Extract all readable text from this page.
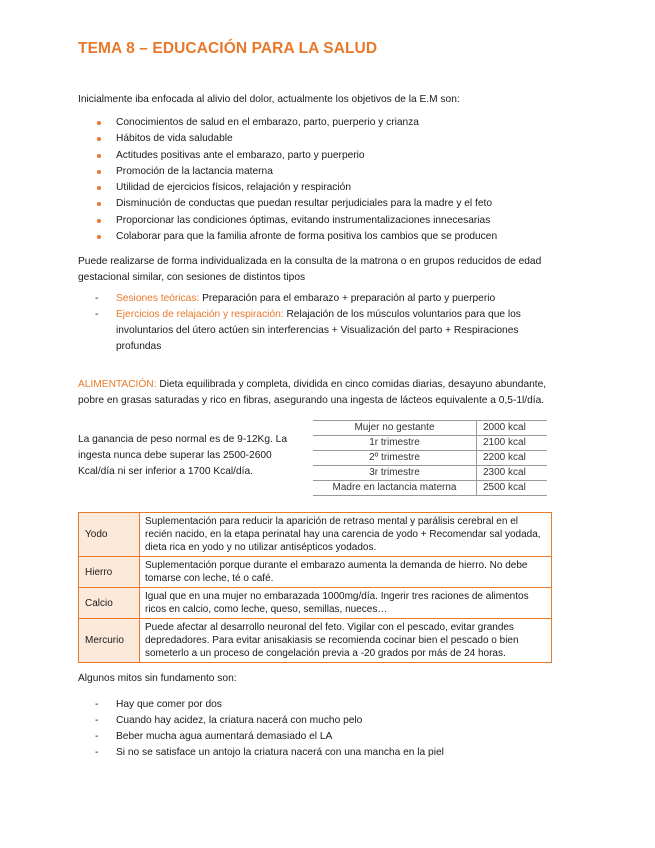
TEMA 8 – EDUCACIÓN PARA LA SALUD
Inicialmente iba enfocada al alivio del dolor, actualmente los objetivos de la E.M son:
Conocimientos de salud en el embarazo, parto, puerperio y crianza
Hábitos de vida saludable
Actitudes positivas ante el embarazo, parto y puerperio
Promoción de la lactancia materna
Utilidad de ejercicios físicos, relajación y respiración
Disminución de conductas que puedan resultar perjudiciales para la madre y el feto
Proporcionar las condiciones óptimas, evitando instrumentalizaciones innecesarias
Colaborar para que la familia afronte de forma positiva los cambios que se producen
Puede realizarse de forma individualizada en la consulta de la matrona o en grupos reducidos de edad gestacional similar, con sesiones de distintos tipos
- Sesiones teóricas: Preparación para el embarazo + preparación al parto y puerperio
- Ejercicios de relajación y respiración: Relajación de los músculos voluntarios para que los involuntarios del útero actúen sin interferencias + Visualización del parto + Respiraciones profundas
ALIMENTACIÓN: Dieta equilibrada y completa, dividida en cinco comidas diarias, desayuno abundante, pobre en grasas saturadas y rico en fibras, asegurando una ingesta de lácteos equivalente a 0,5-1l/día.
La ganancia de peso normal es de 9-12Kg. La ingesta nunca debe superar las 2500-2600 Kcal/día ni ser inferior a 1700 Kcal/día.
Mujer no gestante	2000 kcal
1r trimestre	2100 kcal
2º trimestre	2200 kcal
3r trimestre	2300 kcal
Madre en lactancia materna	2500 kcal
Yodo	Suplementación para reducir la aparición de retraso mental y parálisis cerebral en el recién nacido, en la etapa perinatal hay una carencia de yodo + Recomendar sal yodada, dieta rica en yodo y no utilizar antisépticos yodados.
Hierro	Suplementación porque durante el embarazo aumenta la demanda de hierro. No debe tomarse con leche, té o café.
Calcio	Igual que en una mujer no embarazada 1000mg/día. Ingerir tres raciones de alimentos ricos en calcio, como leche, queso, semillas, nueces…
Mercurio	Puede afectar al desarrollo neuronal del feto. Vigilar con el pescado, evitar grandes depredadores. Para evitar anisakiasis se recomienda cocinar bien el pescado o bien someterlo a un proceso de congelación previa a -20 grados por más de 24 horas.
Algunos mitos sin fundamento son:
- Hay que comer por dos
- Cuando hay acidez, la criatura nacerá con mucho pelo
- Beber mucha agua aumentará demasiado el LA
- Si no se satisface un antojo la criatura nacerá con una mancha en la piel
